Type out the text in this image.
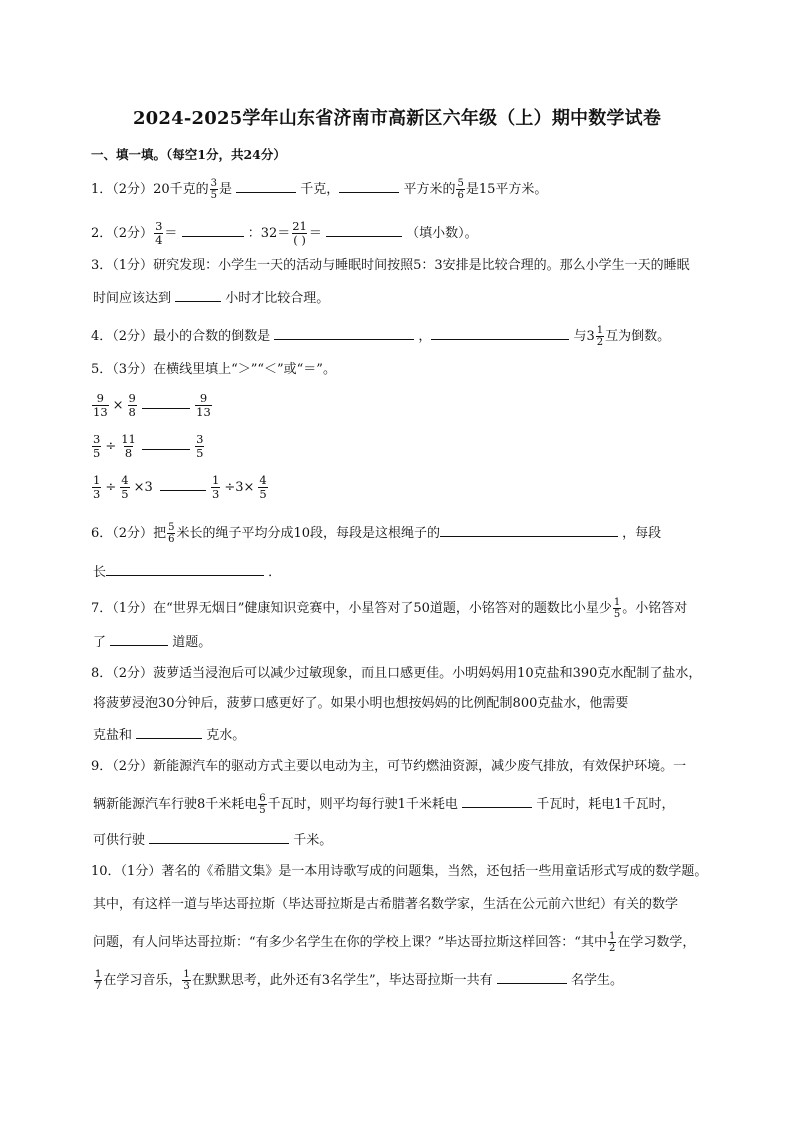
2024-2025学年山东省济南市高新区六年级（上）期中数学试卷
一、填一填。（每空1分，共24分）
1．（2分）20千克的 $\frac{3}{5}$ 是	千克，	平方米的 $\frac{5}{6}$ 是15平方米。
2．（2分） $\frac{3}{4}$ ＝	：$32= \frac{21}{( )}$ ＝	（填小数）。
3．（1分）研究发现：小学生一天的活动与睡眠时间按照5：3安排是比较合理的。那么小学生一天的睡眠
时间应该达到	小时才比较合理。
4．（2分）最小的合数的倒数是	，	与$3 \frac{1}{2}$ 互为倒数。
5．（3分）在横线里填上“＞”“＜”或“＝”。
$\frac{9}{13} \times \frac{9}{8}$
	$\frac{9}{13}$
$\frac{3}{5} \div \frac{11}{8}$
	$\frac{3}{5}$
$\frac{1}{3} \div \frac{4}{5} \times 3$	$\frac{1}{3} \div 3\times \frac{4}{5}$
6．（2分）把 $\frac{5}{6}$ 米长的绳子平均分成10段，每段是这根绳子的	，每段
长	．
7．（1分）在“世界无烟日”健康知识竞赛中，小星答对了50道题，小铭答对的题数比小星少 $\frac{1}{5}$ 。小铭答对
了	道题。
8．（2分）菠萝适当浸泡后可以减少过敏现象，而且口感更佳。小明妈妈用10克盐和390克水配制了盐水，
将菠萝浸泡30分钟后，菠萝口感更好了。如果小明也想按妈妈的比例配制800克盐水，他需要
克盐和	克水。
9．（2分）新能源汽车的驱动方式主要以电动为主，可节约燃油资源，减少废气排放，有效保护环境。一
辆新能源汽车行驶8千米耗电 $\frac{6}{5}$ 千瓦时，则平均每行驶1千米耗电	千瓦时，耗电1千瓦时，
可供行驶	千米。
10．（1分）著名的《希腊文集》是一本用诗歌写成的问题集，当然，还包括一些用童话形式写成的数学题。
其中，有这样一道与毕达哥拉斯（毕达哥拉斯是古希腊著名数学家，生活在公元前六世纪）有关的数学
问题，有人问毕达哥拉斯：“有多少名学生在你的学校上课？”毕达哥拉斯这样回答：“其中 $\frac{1}{2}$ 在学习数学，
$\frac{1}{7}$ 在学习音乐， $\frac{1}{3}$ 在默默思考，此外还有3名学生”，毕达哥拉斯一共有	名学生。
